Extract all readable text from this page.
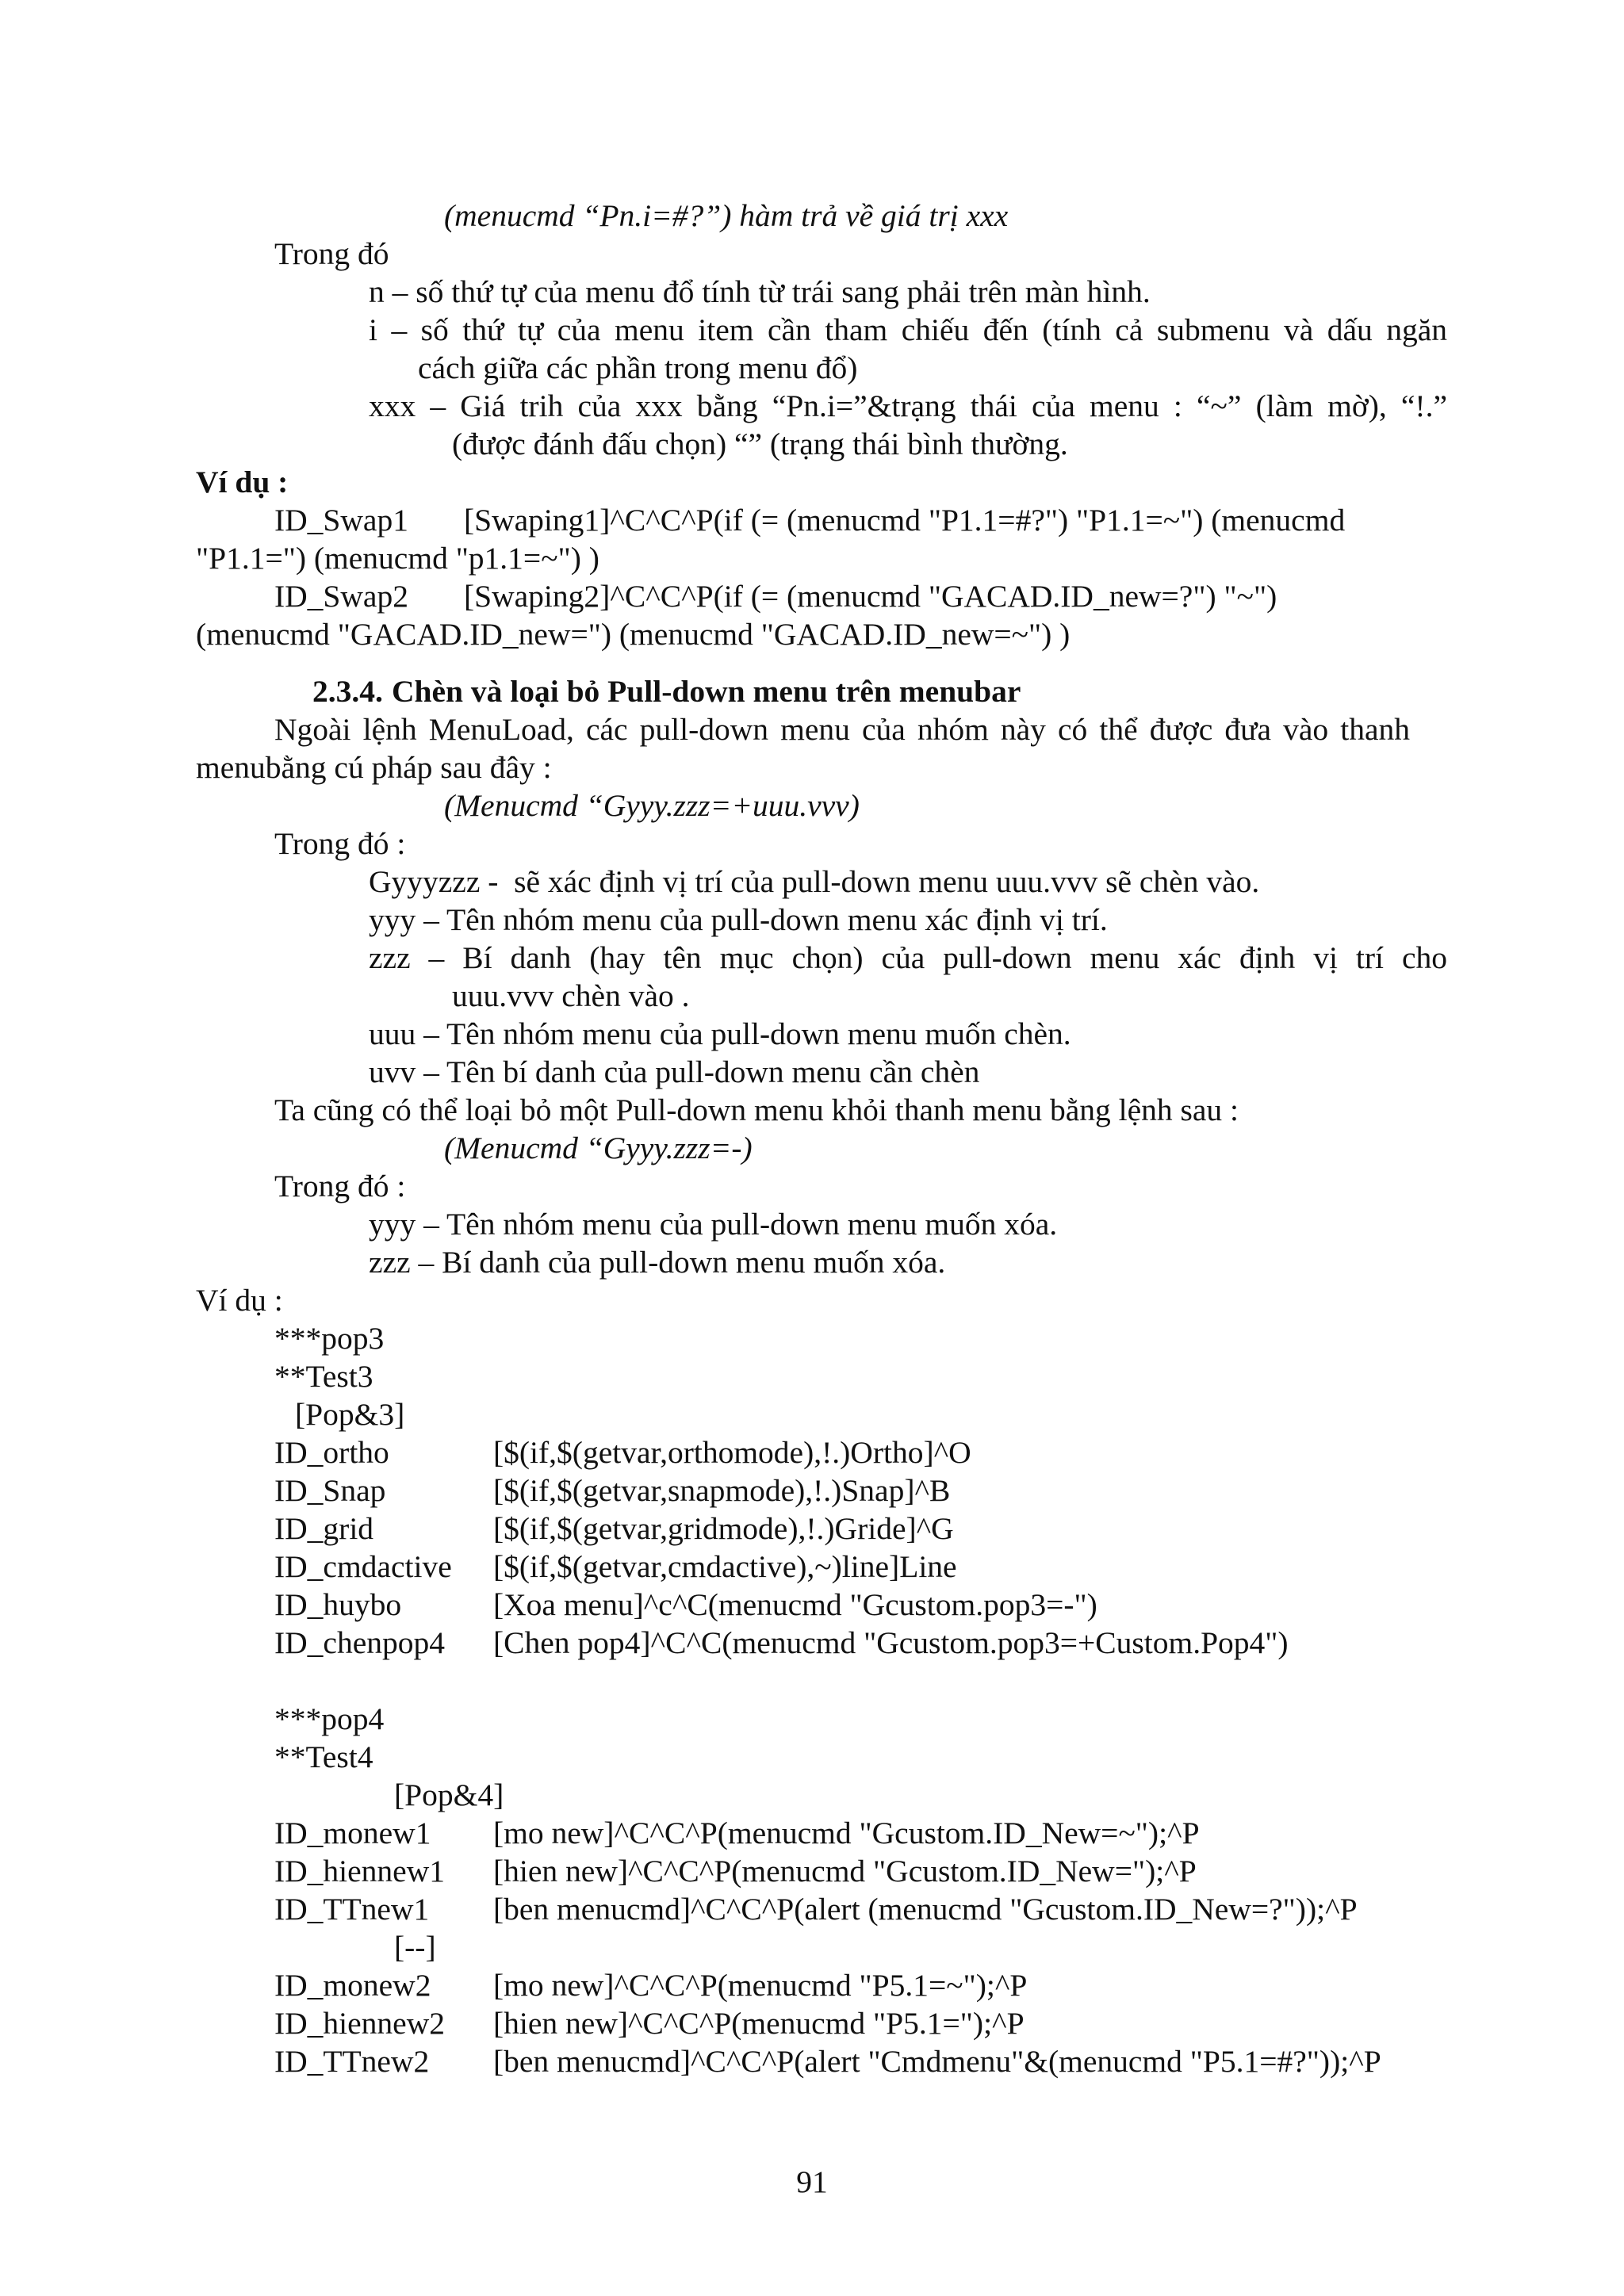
(menucmd “Pn.i=#?”) hàm trả về giá trị xxx
Trong đó
n – số thứ tự của menu đổ tính từ trái sang phải trên màn hình.
i – số thứ tự của menu item cần tham chiếu đến (tính cả submenu và dấu ngăn
cách giữa các phần trong menu đổ)
xxx – Giá trih của xxx bằng “Pn.i=”&trạng thái của menu : “~” (làm mờ), “!.”
(được đánh đấu chọn) “” (trạng thái bình thường.
Ví dụ :
ID_Swap1 [Swaping1]^C^C^P(if (= (menucmd "P1.1=#?") "P1.1=~") (menucmd
"P1.1=") (menucmd "p1.1=~") )
ID_Swap2 [Swaping2]^C^C^P(if (= (menucmd "GACAD.ID_new=?") "~")
(menucmd "GACAD.ID_new=") (menucmd "GACAD.ID_new=~") )
2.3.4. Chèn và loại bỏ Pull-down menu trên menubar
Ngoài lệnh MenuLoad, các pull-down menu của nhóm này có thể được đưa vào thanh
menubằng cú pháp sau đây :
(Menucmd “Gyyy.zzz=+uuu.vvv)
Trong đó :
Gyyyzzz -  sẽ xác định vị trí của pull-down menu uuu.vvv sẽ chèn vào.
yyy – Tên nhóm menu của pull-down menu xác định vị trí.
zzz – Bí danh (hay tên mục chọn) của pull-down menu xác định vị trí cho
uuu.vvv chèn vào .
uuu – Tên nhóm menu của pull-down menu muốn chèn.
uvv – Tên bí danh của pull-down menu cần chèn
Ta cũng có thể loại bỏ một Pull-down menu khỏi thanh menu bằng lệnh sau :
(Menucmd “Gyyy.zzz=-)
Trong đó :
yyy – Tên nhóm menu của pull-down menu muốn xóa.
zzz – Bí danh của pull-down menu muốn xóa.
Ví dụ :
***pop3
**Test3
[Pop&3]
ID_ortho	[$(if,$(getvar,orthomode),!.)Ortho]^O
ID_Snap	[$(if,$(getvar,snapmode),!.)Snap]^B
ID_grid	[$(if,$(getvar,gridmode),!.)Gride]^G
ID_cmdactive [$(if,$(getvar,cmdactive),~)line]Line
ID_huybo	[Xoa menu]^c^C(menucmd "Gcustom.pop3=-")
ID_chenpop4 [Chen pop4]^C^C(menucmd "Gcustom.pop3=+Custom.Pop4")
***pop4
**Test4
[Pop&4]
ID_monew1 [mo new]^C^C^P(menucmd "Gcustom.ID_New=~");^P
ID_hiennew1 [hien new]^C^C^P(menucmd "Gcustom.ID_New=");^P
ID_TTnew1 [ben menucmd]^C^C^P(alert (menucmd "Gcustom.ID_New=?"));^P
[--]
ID_monew2 [mo new]^C^C^P(menucmd "P5.1=~");^P
ID_hiennew2 [hien new]^C^C^P(menucmd "P5.1=");^P
ID_TTnew2 [ben menucmd]^C^C^P(alert "Cmdmenu"&(menucmd "P5.1=#?"));^P
91
